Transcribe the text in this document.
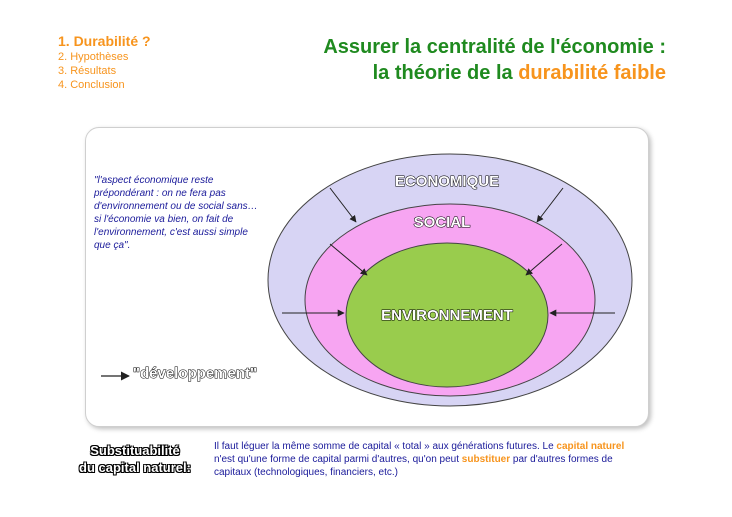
1. Durabilité ?
2. Hypothèses
3. Résultats
4. Conclusion
Assurer la centralité de l'économie :
la théorie de la durabilité faible
ECONOMIQUE
SOCIAL
ENVIRONNEMENT
"développement"
"l'aspect économique reste prépondérant : on ne fera pas d'environnement ou de social sans… si l'économie va bien, on fait de l'environnement, c'est aussi simple que ça".
Substituabilité
du capital naturel:
Il faut léguer la même somme de capital « total » aux générations futures. Le capital naturel n'est qu'une forme de capital parmi d'autres, qu'on peut substituer par d'autres formes de capitaux (technologiques, financiers, etc.)
